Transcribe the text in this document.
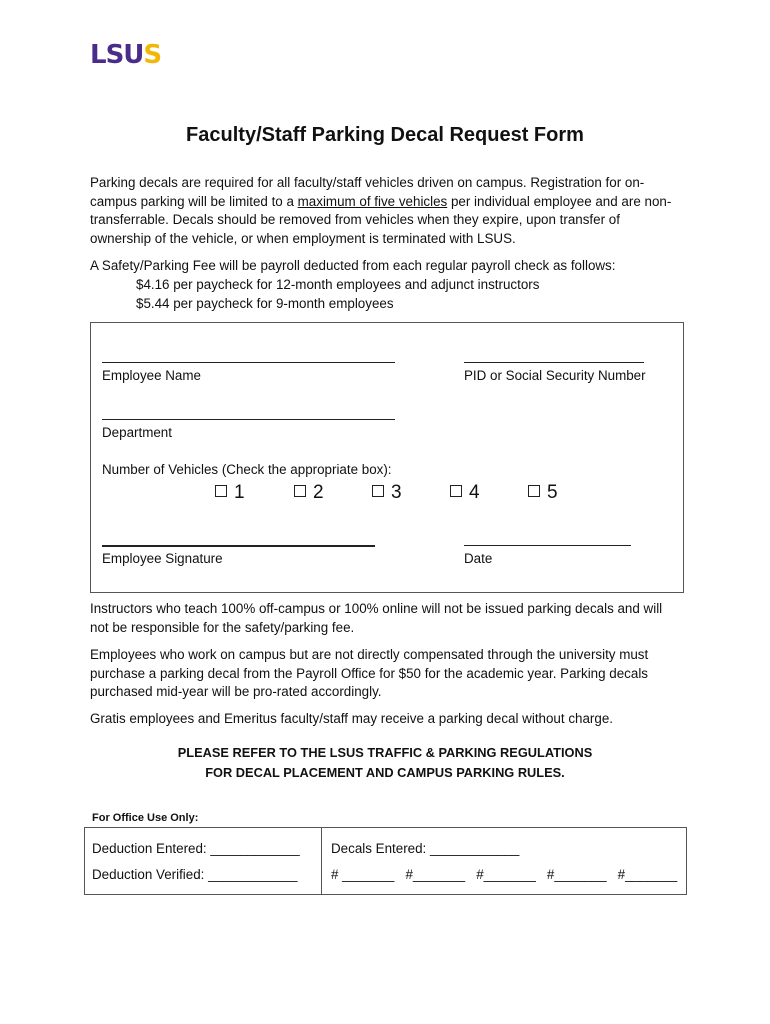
LSUS
Faculty/Staff Parking Decal Request Form
Parking decals are required for all faculty/staff vehicles driven on campus. Registration for on-campus parking will be limited to a maximum of five vehicles per individual employee and are non-transferrable. Decals should be removed from vehicles when they expire, upon transfer of ownership of the vehicle, or when employment is terminated with LSUS.
A Safety/Parking Fee will be payroll deducted from each regular payroll check as follows:
$4.16 per paycheck for 12-month employees and adjunct instructors
$5.44 per paycheck for 9-month employees
Employee Name	PID or Social Security Number
Department
Number of Vehicles (Check the appropriate box):
1	2	3	4	5
Employee Signature	Date
Instructors who teach 100% off-campus or 100% online will not be issued parking decals and will not be responsible for the safety/parking fee.
Employees who work on campus but are not directly compensated through the university must purchase a parking decal from the Payroll Office for $50 for the academic year. Parking decals purchased mid-year will be pro-rated accordingly.
Gratis employees and Emeritus faculty/staff may receive a parking decal without charge.
PLEASE REFER TO THE LSUS TRAFFIC & PARKING REGULATIONS
FOR DECAL PLACEMENT AND CAMPUS PARKING RULES.
For Office Use Only:
Deduction Entered: ____________
Deduction Verified: ____________
Decals Entered: ____________
# _______   #_______   #_______   #_______   #_______
